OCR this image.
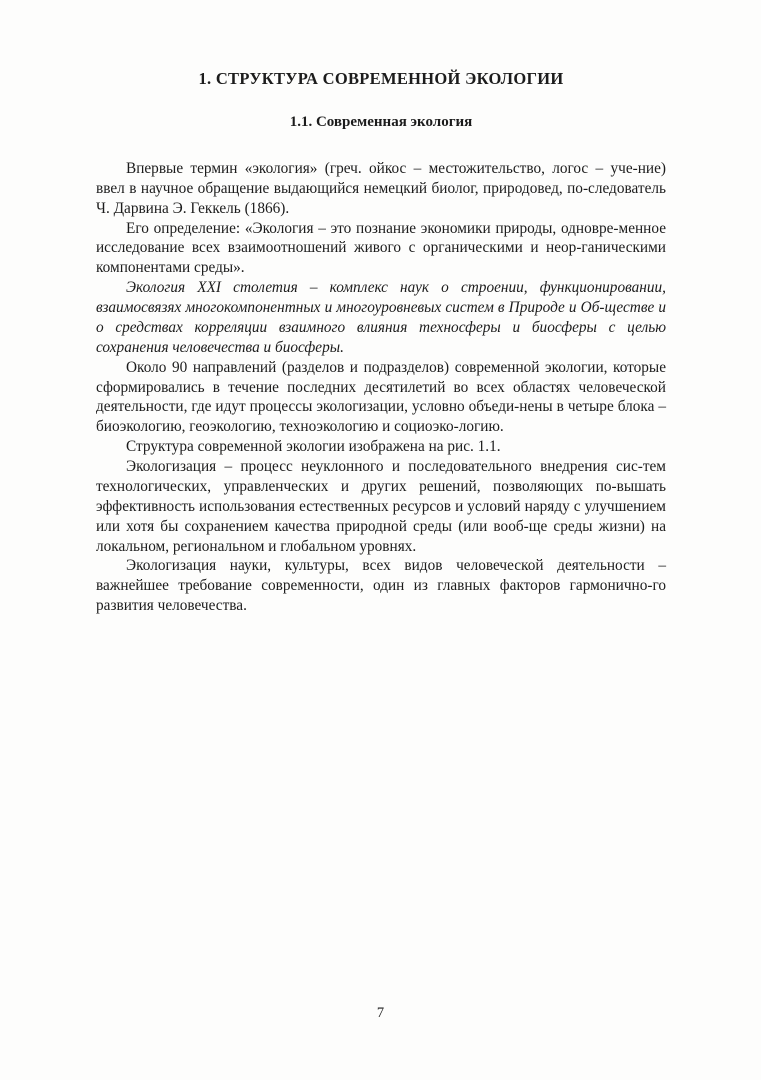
1. СТРУКТУРА СОВРЕМЕННОЙ ЭКОЛОГИИ
1.1. Современная экология

Впервые термин «экология» (греч. ойкос – местожительство, логос – уче-​ние) ввел в научное обращение выдающийся немецкий биолог, природовед, по-​следователь Ч. Дарвина Э. Геккель (1866).

Его определение: «Экология – это познание экономики природы, одновре-​менное исследование всех взаимоотношений живого с органическими и неор-​ганическими компонентами среды».

Экология XXI столетия – комплекс наук о строении, функционировании, взаимосвязях многокомпонентных и многоуровневых систем в Природе и Об-​ществе и о средствах корреляции взаимного влияния техносферы и биосферы с целью сохранения человечества и биосферы.

Около 90 направлений (разделов и подразделов) современной экологии, которые сформировались в течение последних десятилетий во всех областях человеческой деятельности, где идут процессы экологизации, условно объеди-​нены в четыре блока – биоэкологию, геоэкологию, техноэкологию и социоэко-​логию.

Структура современной экологии изображена на рис. 1.1.

Экологизация – процесс неуклонного и последовательного внедрения сис-​тем технологических, управленческих и других решений, позволяющих по-​вышать эффективность использования естественных ресурсов и условий наряду с улучшением или хотя бы сохранением качества природной среды (или вооб-​ще среды жизни) на локальном, региональном и глобальном уровнях.

Экологизация науки, культуры, всех видов человеческой деятельности – важнейшее требование современности, один из главных факторов гармонично-​го развития человечества.

7
